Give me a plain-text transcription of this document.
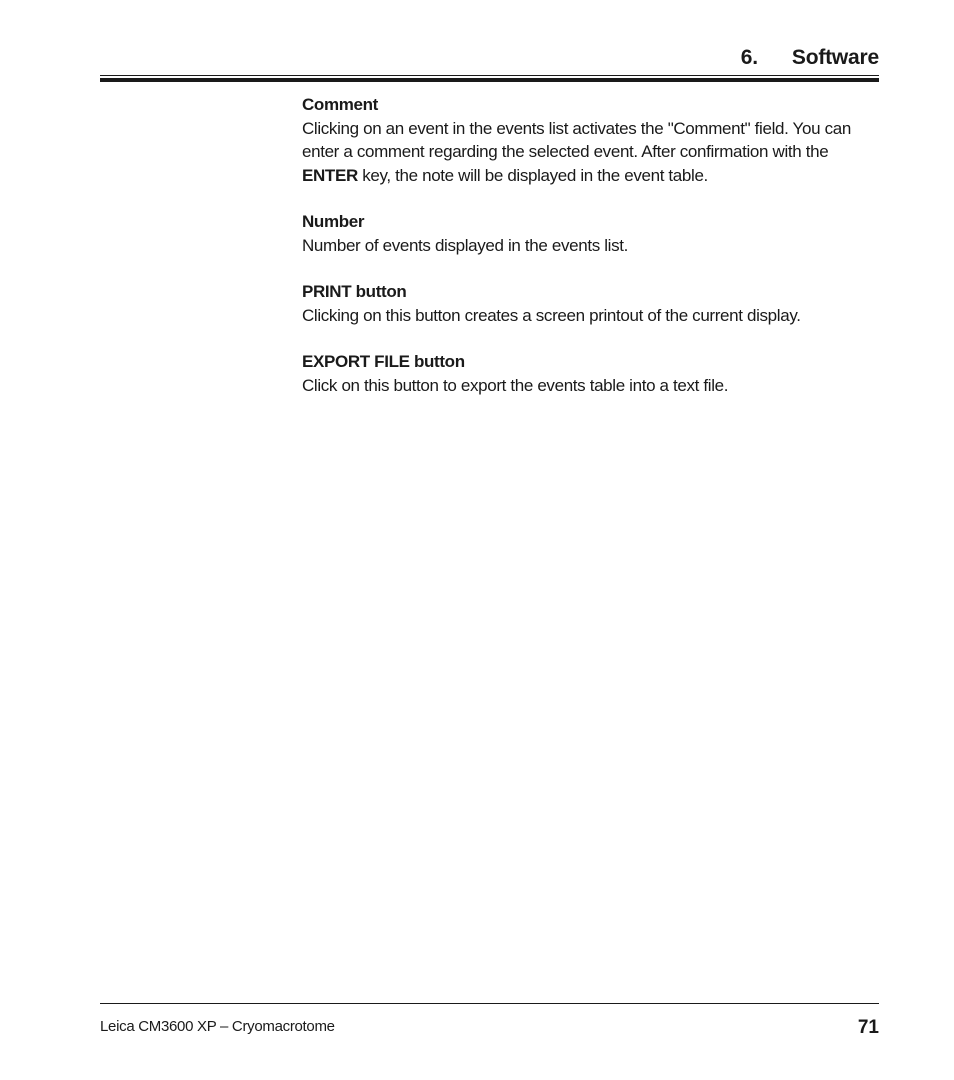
6. Software
Comment

Clicking on an event in the events list activates the "Comment" field. You can enter a comment regarding the selected event. After confirmation with the ENTER key, the note will be displayed in the event table.

Number

Number of events displayed in the events list.

PRINT button

Clicking on this button creates a screen printout of the current display.

EXPORT FILE button

Click on this button to export the events table into a text file.

Leica CM3600 XP – Cryomacrotome	71
